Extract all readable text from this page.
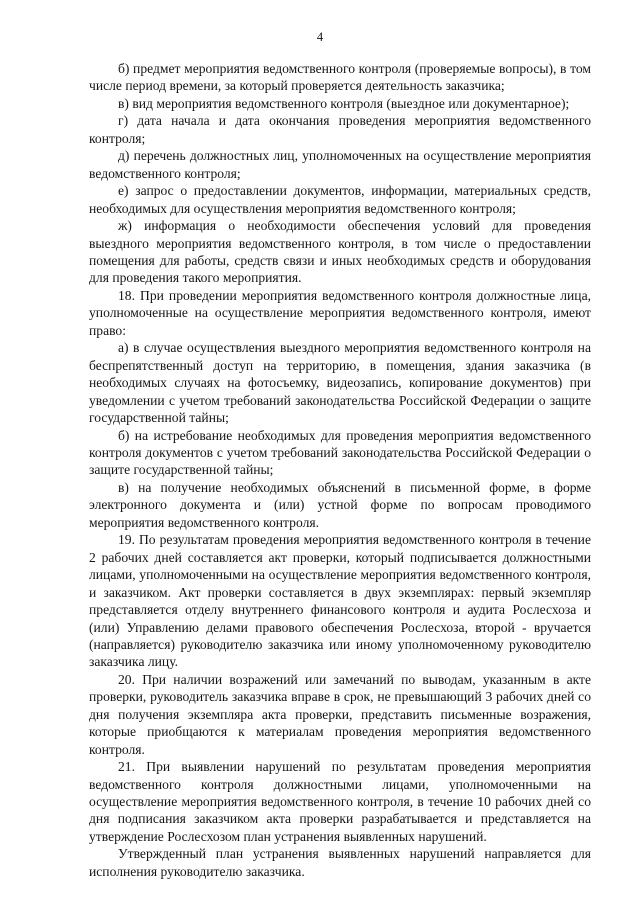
4

б) предмет мероприятия ведомственного контроля (проверяемые вопросы), в том числе период времени, за который проверяется деятельность заказчика;

в) вид мероприятия ведомственного контроля (выездное или документарное);

г) дата начала и дата окончания проведения мероприятия ведомственного контроля;

д) перечень должностных лиц, уполномоченных на осуществление мероприятия ведомственного контроля;

е) запрос о предоставлении документов, информации, материальных средств, необходимых для осуществления мероприятия ведомственного контроля;

ж) информация о необходимости обеспечения условий для проведения выездного мероприятия ведомственного контроля, в том числе о предоставлении помещения для работы, средств связи и иных необходимых средств и оборудования для проведения такого мероприятия.

18. При проведении мероприятия ведомственного контроля должностные лица, уполномоченные на осуществление мероприятия ведомственного контроля, имеют право:

а) в случае осуществления выездного мероприятия ведомственного контроля на беспрепятственный доступ на территорию, в помещения, здания заказчика (в необходимых случаях на фотосъемку, видеозапись, копирование документов) при уведомлении с учетом требований законодательства Российской Федерации о защите государственной тайны;

б) на истребование необходимых для проведения мероприятия ведомственного контроля документов с учетом требований законодательства Российской Федерации о защите государственной тайны;

в) на получение необходимых объяснений в письменной форме, в форме электронного документа и (или) устной форме по вопросам проводимого мероприятия ведомственного контроля.

19. По результатам проведения мероприятия ведомственного контроля в течение 2 рабочих дней составляется акт проверки, который подписывается должностными лицами, уполномоченными на осуществление мероприятия ведомственного контроля, и заказчиком. Акт проверки составляется в двух экземплярах: первый экземпляр представляется отделу внутреннего финансового контроля и аудита Рослесхоза и (или) Управлению делами правового обеспечения Рослесхоза, второй - вручается (направляется) руководителю заказчика или иному уполномоченному руководителю заказчика лицу.

20. При наличии возражений или замечаний по выводам, указанным в акте проверки, руководитель заказчика вправе в срок, не превышающий 3 рабочих дней со дня получения экземпляра акта проверки, представить письменные возражения, которые приобщаются к материалам проведения мероприятия ведомственного контроля.

21. При выявлении нарушений по результатам проведения мероприятия ведомственного контроля должностными лицами, уполномоченными на осуществление мероприятия ведомственного контроля, в течение 10 рабочих дней со дня подписания заказчиком акта проверки разрабатывается и представляется на утверждение Рослесхозом план устранения выявленных нарушений.

Утвержденный план устранения выявленных нарушений направляется для исполнения руководителю заказчика.
